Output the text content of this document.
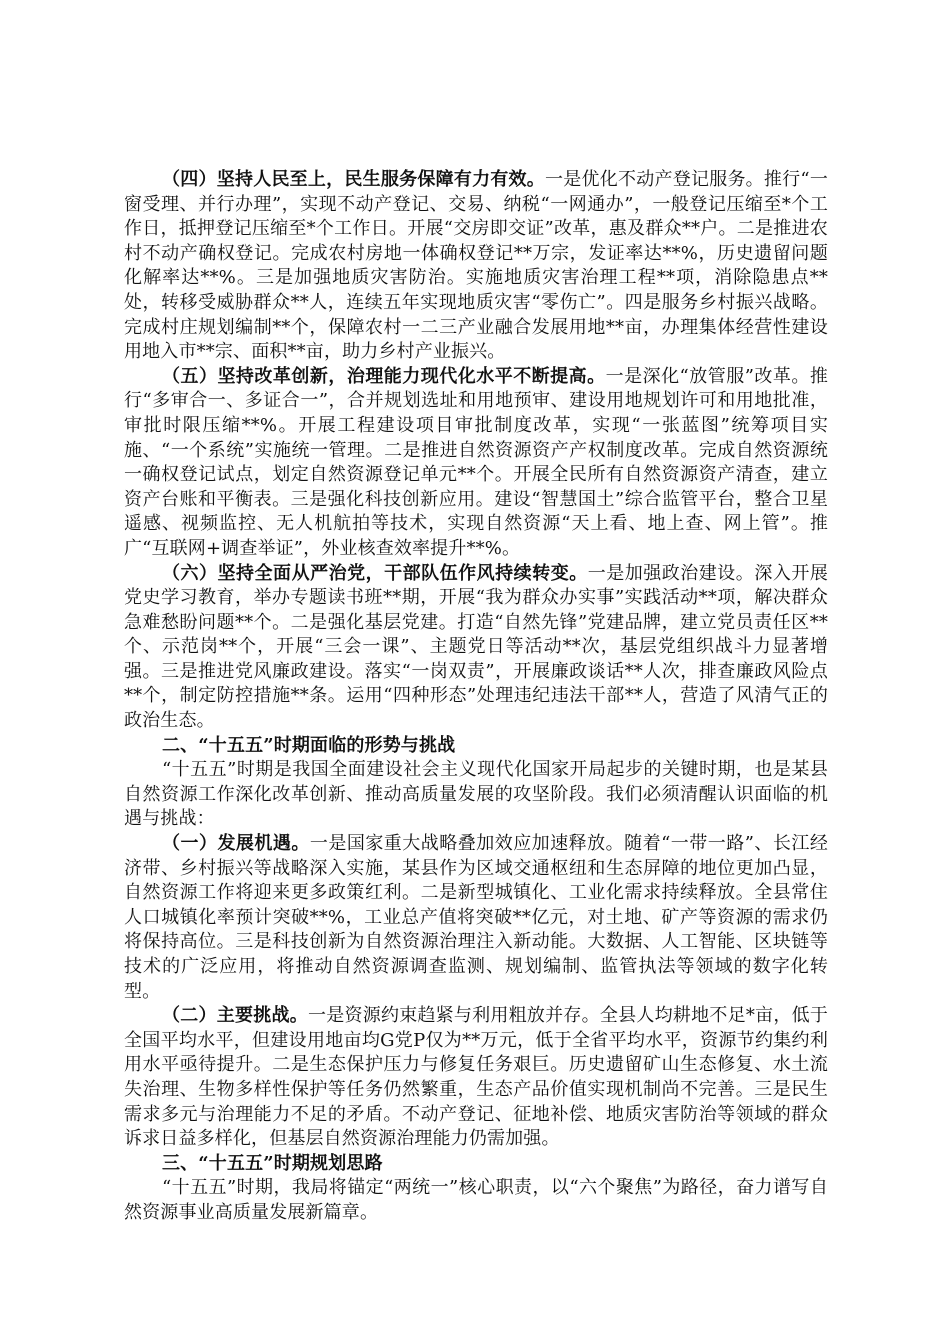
（四）坚持人民至上，民生服务保障有力有效。一是优化不动产登记服务。推行“一窗受理、并行办理”，实现不动产登记、交易、纳税“一网通办”，一般登记压缩至*个工作日，抵押登记压缩至*个工作日。开展“交房即交证”改革，惠及群众**户。二是推进农村不动产确权登记。完成农村房地一体确权登记**万宗，发证率达**%，历史遗留问题化解率达**%。三是加强地质灾害防治。实施地质灾害治理工程**项，消除隐患点**处，转移受威胁群众**人，连续五年实现地质灾害“零伤亡”。四是服务乡村振兴战略。完成村庄规划编制**个，保障农村一二三产业融合发展用地**亩，办理集体经营性建设用地入市**宗、面积**亩，助力乡村产业振兴。

（五）坚持改革创新，治理能力现代化水平不断提高。一是深化“放管服”改革。推行“多审合一、多证合一”，合并规划选址和用地预审、建设用地规划许可和用地批准，审批时限压缩**%。开展工程建设项目审批制度改革，实现“一张蓝图”统筹项目实施、“一个系统”实施统一管理。二是推进自然资源资产产权制度改革。完成自然资源统一确权登记试点，划定自然资源登记单元**个。开展全民所有自然资源资产清查，建立资产台账和平衡表。三是强化科技创新应用。建设“智慧国土”综合监管平台，整合卫星遥感、视频监控、无人机航拍等技术，实现自然资源“天上看、地上查、网上管”。推广“互联网+调查举证”，外业核查效率提升**%。

（六）坚持全面从严治党，干部队伍作风持续转变。一是加强政治建设。深入开展党史学习教育，举办专题读书班**期，开展“我为群众办实事”实践活动**项，解决群众急难愁盼问题**个。二是强化基层党建。打造“自然先锋”党建品牌，建立党员责任区**个、示范岗**个，开展“三会一课”、主题党日等活动**次，基层党组织战斗力显著增强。三是推进党风廉政建设。落实“一岗双责”，开展廉政谈话**人次，排查廉政风险点**个，制定防控措施**条。运用“四种形态”处理违纪违法干部**人，营造了风清气正的政治生态。

二、“十五五”时期面临的形势与挑战

“十五五”时期是我国全面建设社会主义现代化国家开局起步的关键时期，也是某县自然资源工作深化改革创新、推动高质量发展的攻坚阶段。我们必须清醒认识面临的机遇与挑战：

（一）发展机遇。一是国家重大战略叠加效应加速释放。随着“一带一路”、长江经济带、乡村振兴等战略深入实施，某县作为区域交通枢纽和生态屏障的地位更加凸显，自然资源工作将迎来更多政策红利。二是新型城镇化、工业化需求持续释放。全县常住人口城镇化率预计突破**%，工业总产值将突破**亿元，对土地、矿产等资源的需求仍将保持高位。三是科技创新为自然资源治理注入新动能。大数据、人工智能、区块链等技术的广泛应用，将推动自然资源调查监测、规划编制、监管执法等领域的数字化转型。

（二）主要挑战。一是资源约束趋紧与利用粗放并存。全县人均耕地不足*亩，低于全国平均水平，但建设用地亩均G党P仅为**万元，低于全省平均水平，资源节约集约利用水平亟待提升。二是生态保护压力与修复任务艰巨。历史遗留矿山生态修复、水土流失治理、生物多样性保护等任务仍然繁重，生态产品价值实现机制尚不完善。三是民生需求多元与治理能力不足的矛盾。不动产登记、征地补偿、地质灾害防治等领域的群众诉求日益多样化，但基层自然资源治理能力仍需加强。

三、“十五五”时期规划思路

“十五五”时期，我局将锚定“两统一”核心职责，以“六个聚焦”为路径，奋力谱写自然资源事业高质量发展新篇章。
